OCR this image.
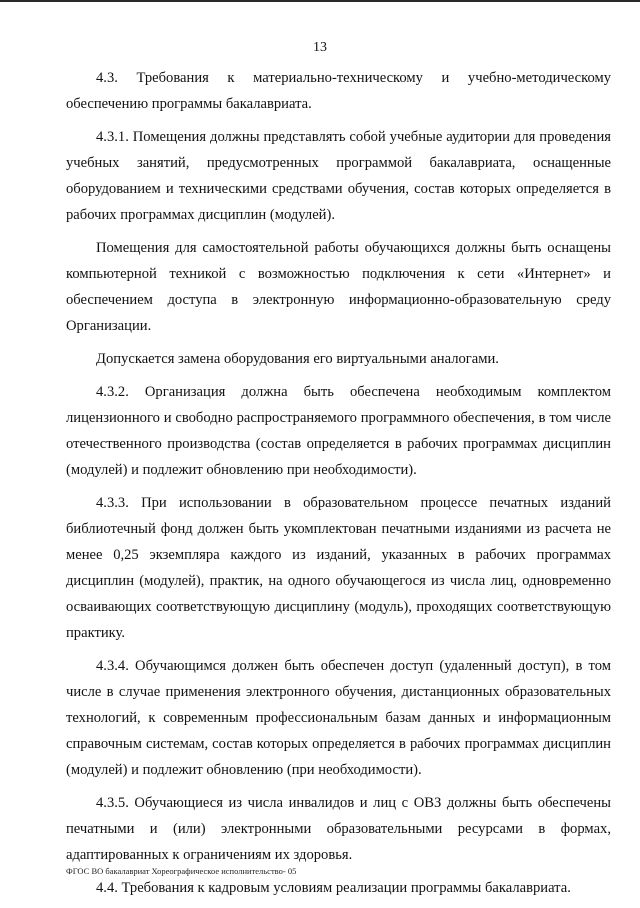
13

4.3. Требования к материально-техническому и учебно-методическому обеспечению программы бакалавриата.

4.3.1. Помещения должны представлять собой учебные аудитории для проведения учебных занятий, предусмотренных программой бакалавриата, оснащенные оборудованием и техническими средствами обучения, состав которых определяется в рабочих программах дисциплин (модулей).

Помещения для самостоятельной работы обучающихся должны быть оснащены компьютерной техникой с возможностью подключения к сети «Интернет» и обеспечением доступа в электронную информационно-образовательную среду Организации.

Допускается замена оборудования его виртуальными аналогами.

4.3.2. Организация должна быть обеспечена необходимым комплектом лицензионного и свободно распространяемого программного обеспечения, в том числе отечественного производства (состав определяется в рабочих программах дисциплин (модулей) и подлежит обновлению при необходимости).

4.3.3. При использовании в образовательном процессе печатных изданий библиотечный фонд должен быть укомплектован печатными изданиями из расчета не менее 0,25 экземпляра каждого из изданий, указанных в рабочих программах дисциплин (модулей), практик, на одного обучающегося из числа лиц, одновременно осваивающих соответствующую дисциплину (модуль), проходящих соответствующую практику.

4.3.4. Обучающимся должен быть обеспечен доступ (удаленный доступ), в том числе в случае применения электронного обучения, дистанционных образовательных технологий, к современным профессиональным базам данных и информационным справочным системам, состав которых определяется в рабочих программах дисциплин (модулей) и подлежит обновлению (при необходимости).

4.3.5. Обучающиеся из числа инвалидов и лиц с ОВЗ должны быть обеспечены печатными и (или) электронными образовательными ресурсами в формах, адаптированных к ограничениям их здоровья.

4.4. Требования к кадровым условиям реализации программы бакалавриата.

ФГОС ВО бакалавриат Хореографическое исполнительство- 05
